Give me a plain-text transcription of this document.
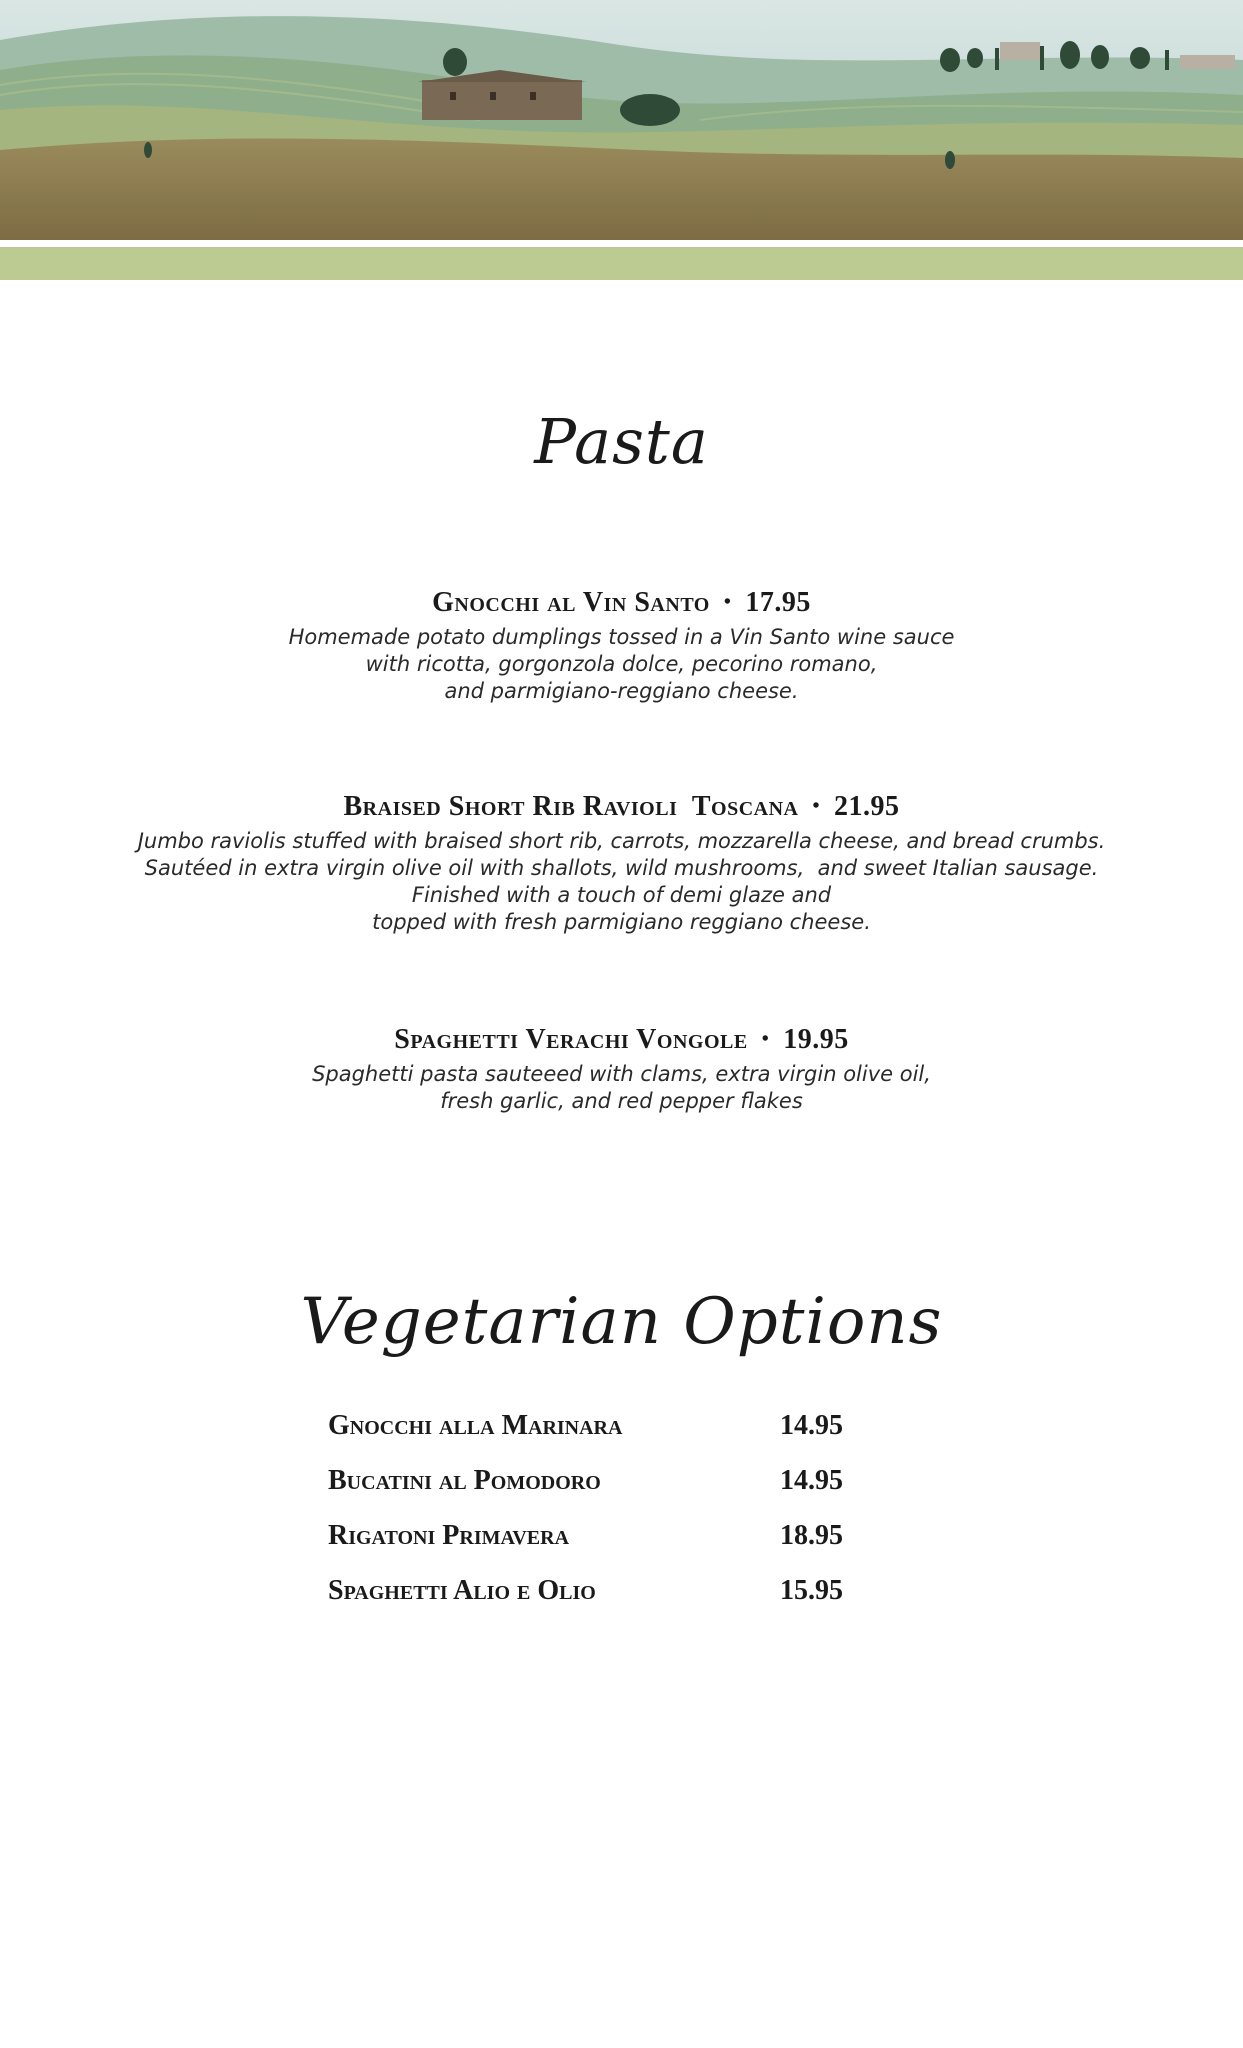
Pasta
Gnocchi al Vin Santo • 17.95
Homemade potato dumplings tossed in a Vin Santo wine sauce
with ricotta, gorgonzola dolce, pecorino romano,
and parmigiano-reggiano cheese.
Braised Short Rib Ravioli  Toscana • 21.95
Jumbo raviolis stuffed with braised short rib, carrots, mozzarella cheese, and bread crumbs.
Sautéed in extra virgin olive oil with shallots, wild mushrooms,  and sweet Italian sausage.
Finished with a touch of demi glaze and
topped with fresh parmigiano reggiano cheese.
Spaghetti Verachi Vongole • 19.95
Spaghetti pasta sauteeed with clams, extra virgin olive oil,
fresh garlic, and red pepper flakes
Vegetarian Options
Gnocchi alla Marinara	14.95
Bucatini al Pomodoro	14.95
Rigatoni Primavera	18.95
Spaghetti Alio e Olio	15.95
